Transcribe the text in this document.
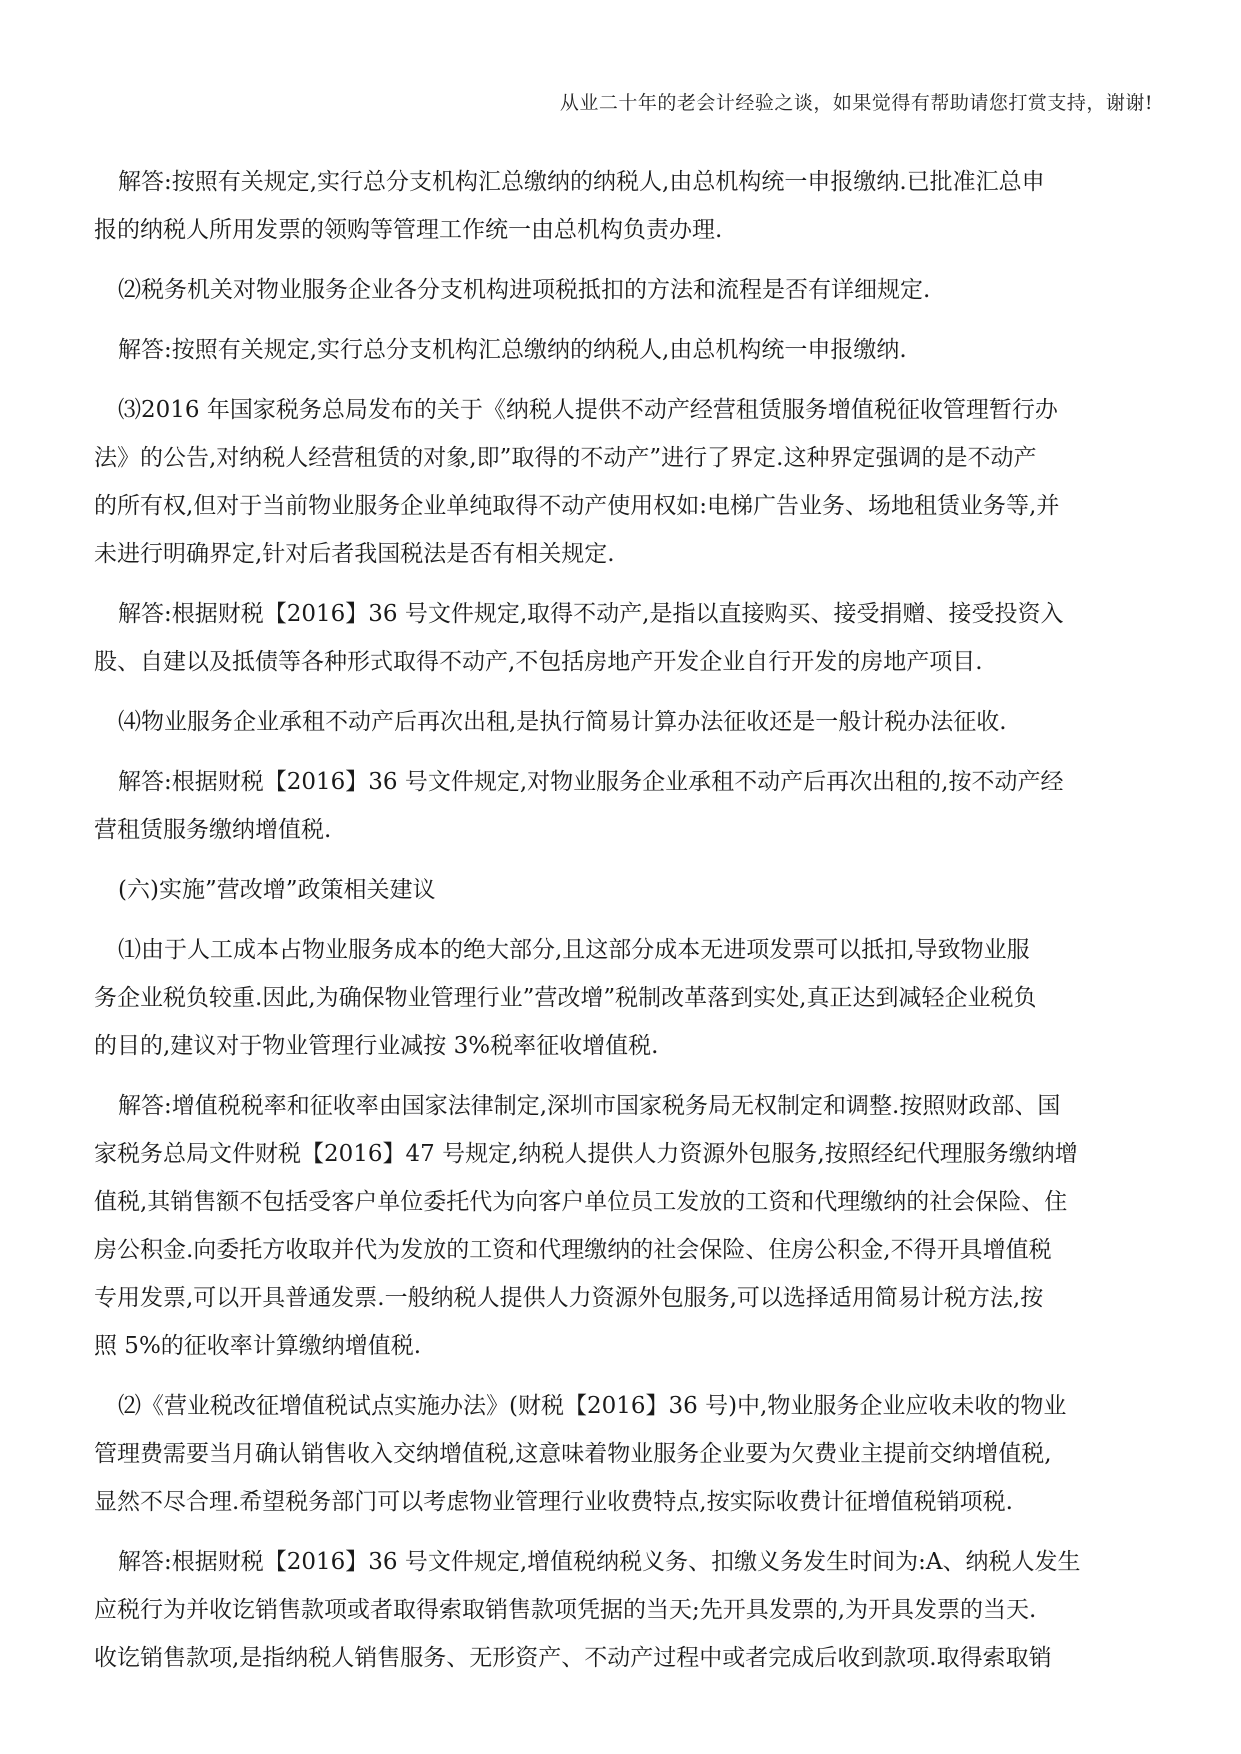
从业二十年的老会计经验之谈，如果觉得有帮助请您打赏支持，谢谢!
解答:按照有关规定,实行总分支机构汇总缴纳的纳税人,由总机构统一申报缴纳.已批准汇总申
报的纳税人所用发票的领购等管理工作统一由总机构负责办理.
⑵税务机关对物业服务企业各分支机构进项税抵扣的方法和流程是否有详细规定.
解答:按照有关规定,实行总分支机构汇总缴纳的纳税人,由总机构统一申报缴纳.
⑶2016 年国家税务总局发布的关于《纳税人提供不动产经营租赁服务增值税征收管理暂行办
法》的公告,对纳税人经营租赁的对象,即”取得的不动产”进行了界定.这种界定强调的是不动产
的所有权,但对于当前物业服务企业单纯取得不动产使用权如:电梯广告业务、场地租赁业务等,并
未进行明确界定,针对后者我国税法是否有相关规定.
解答:根据财税【2016】36 号文件规定,取得不动产,是指以直接购买、接受捐赠、接受投资入
股、自建以及抵债等各种形式取得不动产,不包括房地产开发企业自行开发的房地产项目.
⑷物业服务企业承租不动产后再次出租,是执行简易计算办法征收还是一般计税办法征收.
解答:根据财税【2016】36 号文件规定,对物业服务企业承租不动产后再次出租的,按不动产经
营租赁服务缴纳增值税.
(六)实施”营改增”政策相关建议
⑴由于人工成本占物业服务成本的绝大部分,且这部分成本无进项发票可以抵扣,导致物业服
务企业税负较重.因此,为确保物业管理行业”营改增”税制改革落到实处,真正达到减轻企业税负
的目的,建议对于物业管理行业减按 3%税率征收增值税.
解答:增值税税率和征收率由国家法律制定,深圳市国家税务局无权制定和调整.按照财政部、国
家税务总局文件财税【2016】47 号规定,纳税人提供人力资源外包服务,按照经纪代理服务缴纳增
值税,其销售额不包括受客户单位委托代为向客户单位员工发放的工资和代理缴纳的社会保险、住
房公积金.向委托方收取并代为发放的工资和代理缴纳的社会保险、住房公积金,不得开具增值税
专用发票,可以开具普通发票.一般纳税人提供人力资源外包服务,可以选择适用简易计税方法,按
照 5%的征收率计算缴纳增值税.
⑵《营业税改征增值税试点实施办法》(财税【2016】36 号)中,物业服务企业应收未收的物业
管理费需要当月确认销售收入交纳增值税,这意味着物业服务企业要为欠费业主提前交纳增值税,
显然不尽合理.希望税务部门可以考虑物业管理行业收费特点,按实际收费计征增值税销项税.
解答:根据财税【2016】36 号文件规定,增值税纳税义务、扣缴义务发生时间为:A、纳税人发生
应税行为并收讫销售款项或者取得索取销售款项凭据的当天;先开具发票的,为开具发票的当天.
收讫销售款项,是指纳税人销售服务、无形资产、不动产过程中或者完成后收到款项.取得索取销
